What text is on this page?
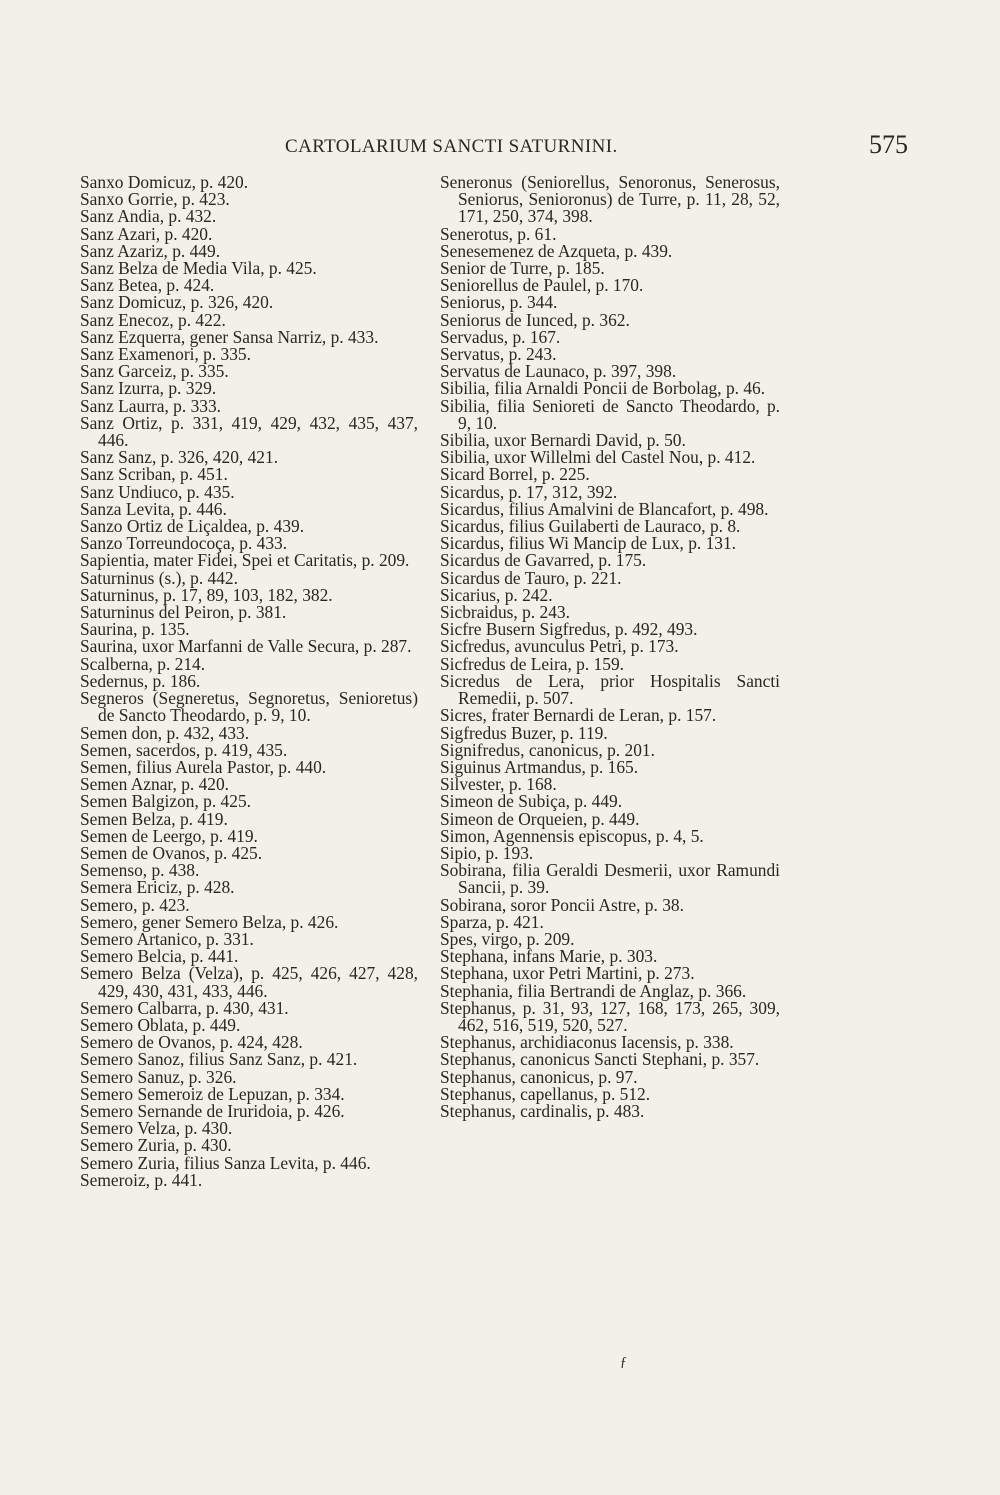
CARTOLARIUM SANCTI SATURNINI.	575
Sanxo Domicuz, p. 420.
Sanxo Gorrie, p. 423.
Sanz Andia, p. 432.
Sanz Azari, p. 420.
Sanz Azariz, p. 449.
Sanz Belza de Media Vila, p. 425.
Sanz Betea, p. 424.
Sanz Domicuz, p. 326, 420.
Sanz Enecoz, p. 422.
Sanz Ezquerra, gener Sansa Narriz, p. 433.
Sanz Examenori, p. 335.
Sanz Garceiz, p. 335.
Sanz Izurra, p. 329.
Sanz Laurra, p. 333.
Sanz Ortiz, p. 331, 419, 429, 432, 435, 437, 446.
Sanz Sanz, p. 326, 420, 421.
Sanz Scriban, p. 451.
Sanz Undiuco, p. 435.
Sanza Levita, p. 446.
Sanzo Ortiz de Liçaldea, p. 439.
Sanzo Torreundocoça, p. 433.
Sapientia, mater Fidei, Spei et Caritatis, p. 209.
Saturninus (s.), p. 442.
Saturninus, p. 17, 89, 103, 182, 382.
Saturninus del Peiron, p. 381.
Saurina, p. 135.
Saurina, uxor Marfanni de Valle Secura, p. 287.
Scalberna, p. 214.
Sedernus, p. 186.
Segneros (Segneretus, Segnoretus, Senioretus) de Sancto Theodardo, p. 9, 10.
Semen don, p. 432, 433.
Semen, sacerdos, p. 419, 435.
Semen, filius Aurela Pastor, p. 440.
Semen Aznar, p. 420.
Semen Balgizon, p. 425.
Semen Belza, p. 419.
Semen de Leergo, p. 419.
Semen de Ovanos, p. 425.
Semenso, p. 438.
Semera Ericiz, p. 428.
Semero, p. 423.
Semero, gener Semero Belza, p. 426.
Semero Artanico, p. 331.
Semero Belcia, p. 441.
Semero Belza (Velza), p. 425, 426, 427, 428, 429, 430, 431, 433, 446.
Semero Calbarra, p. 430, 431.
Semero Oblata, p. 449.
Semero de Ovanos, p. 424, 428.
Semero Sanoz, filius Sanz Sanz, p. 421.
Semero Sanuz, p. 326.
Semero Semeroiz de Lepuzan, p. 334.
Semero Sernande de Iruridoia, p. 426.
Semero Velza, p. 430.
Semero Zuria, p. 430.
Semero Zuria, filius Sanza Levita, p. 446.
Semeroiz, p. 441.
Seneronus (Seniorellus, Senoronus, Senerosus, Seniorus, Senioronus) de Turre, p. 11, 28, 52, 171, 250, 374, 398.
Senerotus, p. 61.
Senesemenez de Azqueta, p. 439.
Senior de Turre, p. 185.
Seniorellus de Paulel, p. 170.
Seniorus, p. 344.
Seniorus de Iunced, p. 362.
Servadus, p. 167.
Servatus, p. 243.
Servatus de Launaco, p. 397, 398.
Sibilia, filia Arnaldi Poncii de Borbolag, p. 46.
Sibilia, filia Senioreti de Sancto Theodardo, p. 9, 10.
Sibilia, uxor Bernardi David, p. 50.
Sibilia, uxor Willelmi del Castel Nou, p. 412.
Sicard Borrel, p. 225.
Sicardus, p. 17, 312, 392.
Sicardus, filius Amalvini de Blancafort, p. 498.
Sicardus, filius Guilaberti de Lauraco, p. 8.
Sicardus, filius Wi Mancip de Lux, p. 131.
Sicardus de Gavarred, p. 175.
Sicardus de Tauro, p. 221.
Sicarius, p. 242.
Sicbraidus, p. 243.
Sicfre Busern Sigfredus, p. 492, 493.
Sicfredus, avunculus Petri, p. 173.
Sicfredus de Leira, p. 159.
Sicredus de Lera, prior Hospitalis Sancti Remedii, p. 507.
Sicres, frater Bernardi de Leran, p. 157.
Sigfredus Buzer, p. 119.
Signifredus, canonicus, p. 201.
Siguinus Artmandus, p. 165.
Silvester, p. 168.
Simeon de Subiça, p. 449.
Simeon de Orqueien, p. 449.
Simon, Agennensis episcopus, p. 4, 5.
Sipio, p. 193.
Sobirana, filia Geraldi Desmerii, uxor Ramundi Sancii, p. 39.
Sobirana, soror Poncii Astre, p. 38.
Sparza, p. 421.
Spes, virgo, p. 209.
Stephana, infans Marie, p. 303.
Stephana, uxor Petri Martini, p. 273.
Stephania, filia Bertrandi de Anglaz, p. 366.
Stephanus, p. 31, 93, 127, 168, 173, 265, 309, 462, 516, 519, 520, 527.
Stephanus, archidiaconus Iacensis, p. 338.
Stephanus, canonicus Sancti Stephani, p. 357.
Stephanus, canonicus, p. 97.
Stephanus, capellanus, p. 512.
Stephanus, cardinalis, p. 483.
ƒ
